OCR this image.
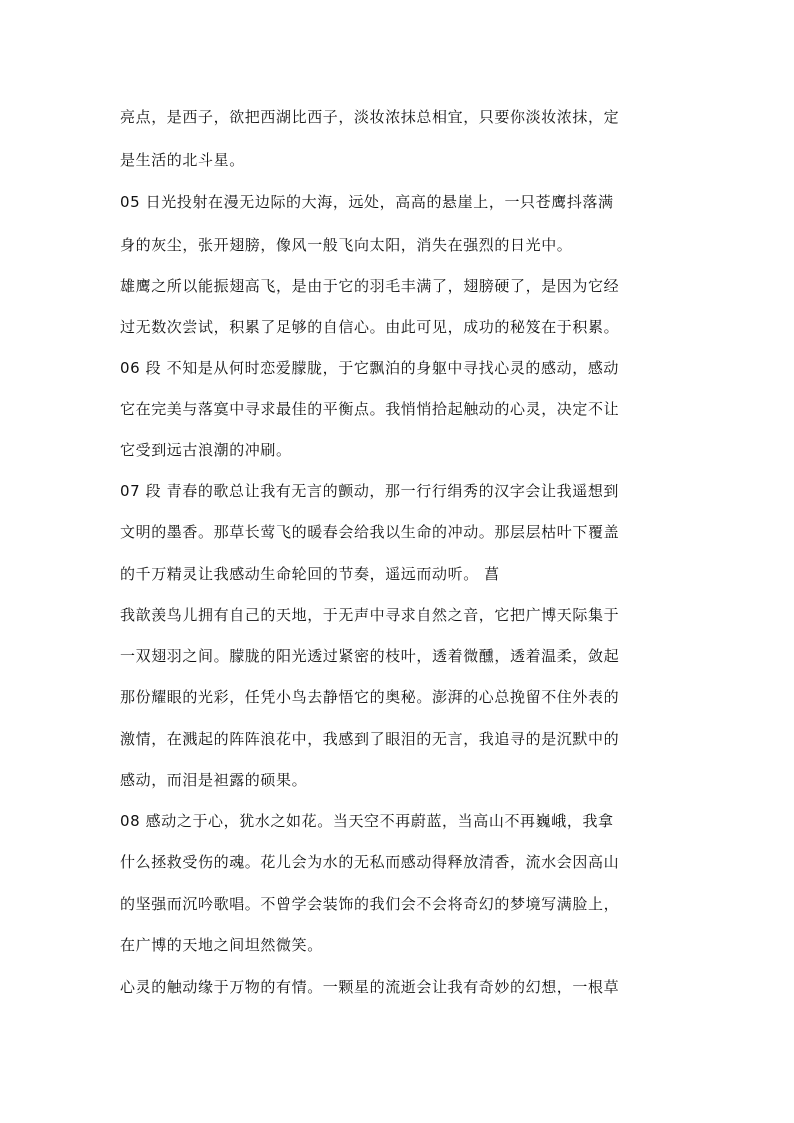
亮点，是西子，欲把西湖比西子，淡妆浓抹总相宜，只要你淡妆浓抹，定

是生活的北斗星。

05 日光投射在漫无边际的大海，远处，高高的悬崖上，一只苍鹰抖落满

身的灰尘，张开翅膀，像风一般飞向太阳，消失在强烈的日光中。

雄鹰之所以能振翅高飞，是由于它的羽毛丰满了，翅膀硬了，是因为它经

过无数次尝试，积累了足够的自信心。由此可见，成功的秘笈在于积累。

06 段 不知是从何时恋爱朦胧，于它飘泊的身躯中寻找心灵的感动，感动

它在完美与落寞中寻求最佳的平衡点。我悄悄拾起触动的心灵，决定不让

它受到远古浪潮的冲刷。

07 段 青春的歌总让我有无言的颤动，那一行行绢秀的汉字会让我遥想到

文明的墨香。那草长莺飞的暖春会给我以生命的冲动。那层层枯叶下覆盖

的千万精灵让我感动生命轮回的节奏，遥远而动听。 菖

我歆羡鸟儿拥有自己的天地，于无声中寻求自然之音，它把广博天际集于

一双翅羽之间。朦胧的阳光透过紧密的枝叶，透着微醺，透着温柔，敛起

那份耀眼的光彩，任凭小鸟去静悟它的奥秘。澎湃的心总挽留不住外表的

激情，在溅起的阵阵浪花中，我感到了眼泪的无言，我追寻的是沉默中的

感动，而泪是袒露的硕果。

08 感动之于心，犹水之如花。当天空不再蔚蓝，当高山不再巍峨，我拿

什么拯救受伤的魂。花儿会为水的无私而感动得释放清香，流水会因高山

的坚强而沉吟歌唱。不曾学会装饰的我们会不会将奇幻的梦境写满脸上，

在广博的天地之间坦然微笑。

心灵的触动缘于万物的有情。一颗星的流逝会让我有奇妙的幻想，一根草
